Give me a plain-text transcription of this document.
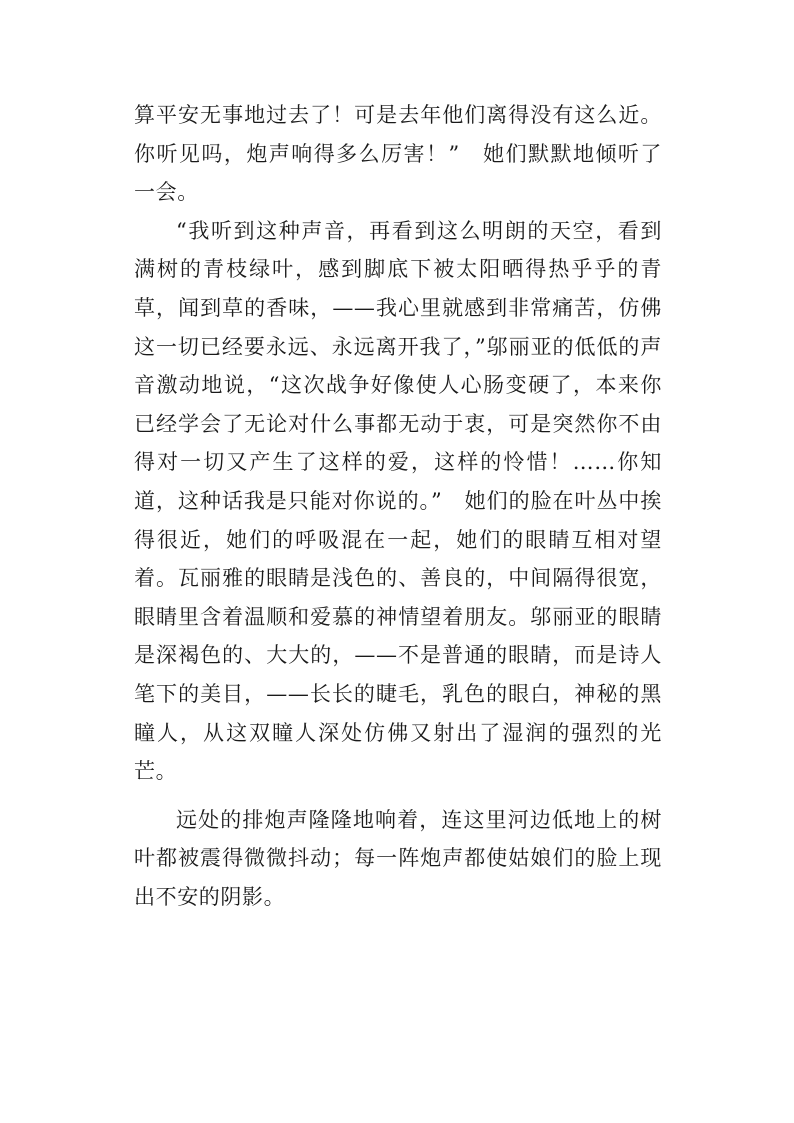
算平安无事地过去了！可是去年他们离得没有这么近。你听见吗，炮声响得多么厉害！”　她们默默地倾听了一会。

“我听到这种声音，再看到这么明朗的天空，看到满树的青枝绿叶，感到脚底下被太阳晒得热乎乎的青草，闻到草的香味，——我心里就感到非常痛苦，仿佛这一切已经要永远、永远离开我了，”邬丽亚的低低的声音激动地说，“这次战争好像使人心肠变硬了，本来你已经学会了无论对什么事都无动于衷，可是突然你不由得对一切又产生了这样的爱，这样的怜惜！……你知道，这种话我是只能对你说的。”　她们的脸在叶丛中挨得很近，她们的呼吸混在一起，她们的眼睛互相对望着。瓦丽雅的眼睛是浅色的、善良的，中间隔得很宽，眼睛里含着温顺和爱慕的神情望着朋友。邬丽亚的眼睛是深褐色的、大大的，——不是普通的眼睛，而是诗人笔下的美目，——长长的睫毛，乳色的眼白，神秘的黑瞳人，从这双瞳人深处仿佛又射出了湿润的强烈的光芒。

远处的排炮声隆隆地响着，连这里河边低地上的树叶都被震得微微抖动；每一阵炮声都使姑娘们的脸上现出不安的阴影。
